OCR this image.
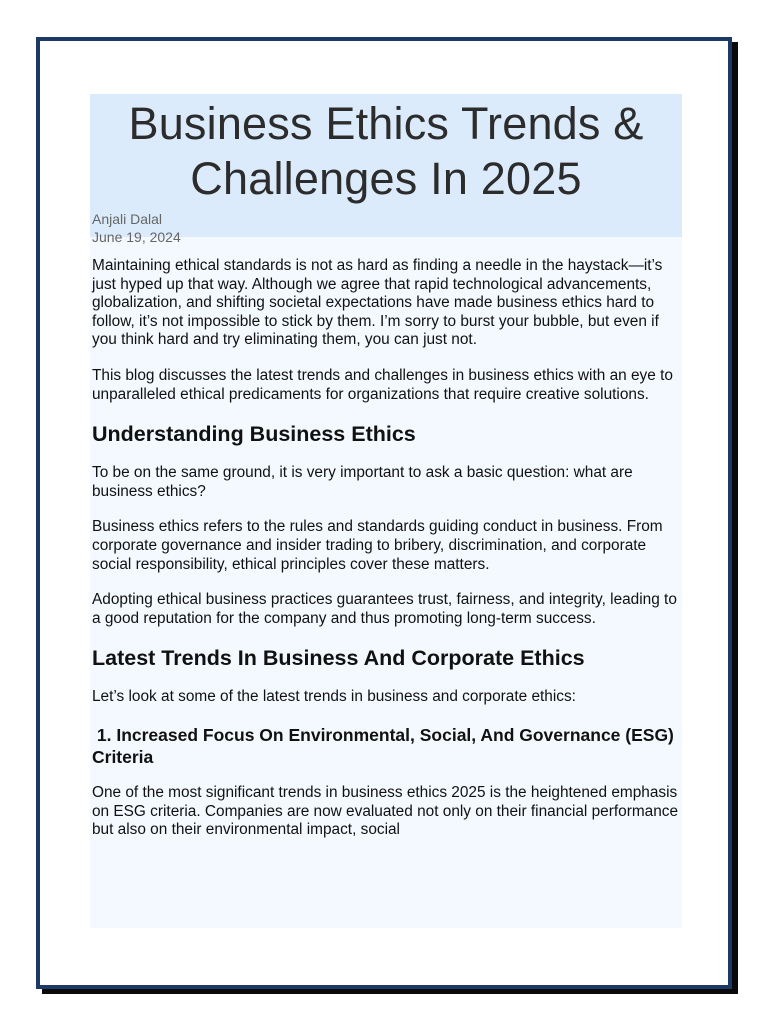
Business Ethics Trends &
Challenges In 2025
Anjali Dalal
June 19, 2024

Maintaining ethical standards is not as hard as finding a needle in the haystack—it’s just hyped up that way. Although we agree that rapid technological advancements, globalization, and shifting societal expectations have made business ethics hard to follow, it’s not impossible to stick by them. I’m sorry to burst your bubble, but even if you think hard and try eliminating them, you can just not.

This blog discusses the latest trends and challenges in business ethics with an eye to unparalleled ethical predicaments for organizations that require creative solutions.

Understanding Business Ethics

To be on the same ground, it is very important to ask a basic question: what are business ethics?

Business ethics refers to the rules and standards guiding conduct in business. From corporate governance and insider trading to bribery, discrimination, and corporate social responsibility, ethical principles cover these matters.

Adopting ethical business practices guarantees trust, fairness, and integrity, leading to a good reputation for the company and thus promoting long-term success.

Latest Trends In Business And Corporate Ethics

Let’s look at some of the latest trends in business and corporate ethics:

1. Increased Focus On Environmental, Social, And Governance (ESG) Criteria

One of the most significant trends in business ethics 2025 is the heightened emphasis on ESG criteria. Companies are now evaluated not only on their financial performance but also on their environmental impact, social
